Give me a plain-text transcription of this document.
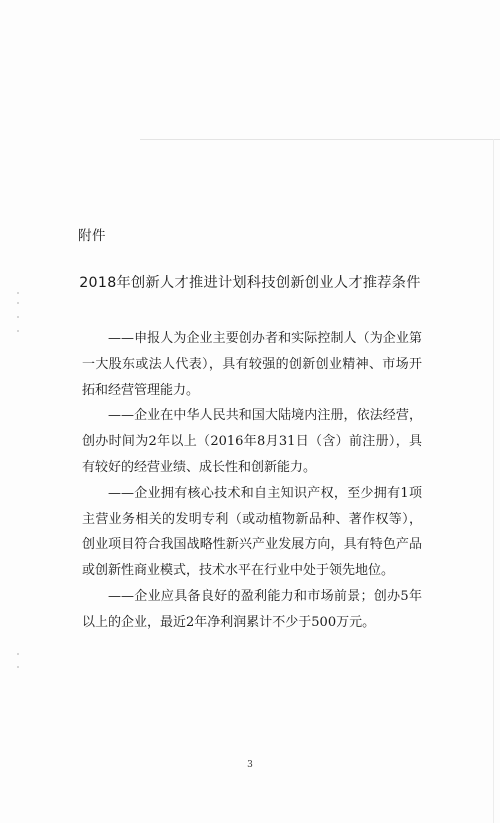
附件
2018年创新人才推进计划科技创新创业人才推荐条件

——申报人为企业主要创办者和实际控制人（为企业第一大股东或法人代表），具有较强的创新创业精神、市场开拓和经营管理能力。

——企业在中华人民共和国大陆境内注册，依法经营，创办时间为2年以上（2016年8月31日（含）前注册），具有较好的经营业绩、成长性和创新能力。

——企业拥有核心技术和自主知识产权，至少拥有1项主营业务相关的发明专利（或动植物新品种、著作权等），创业项目符合我国战略性新兴产业发展方向，具有特色产品或创新性商业模式，技术水平在行业中处于领先地位。

——企业应具备良好的盈利能力和市场前景；创办5年以上的企业，最近2年净利润累计不少于500万元。

3
